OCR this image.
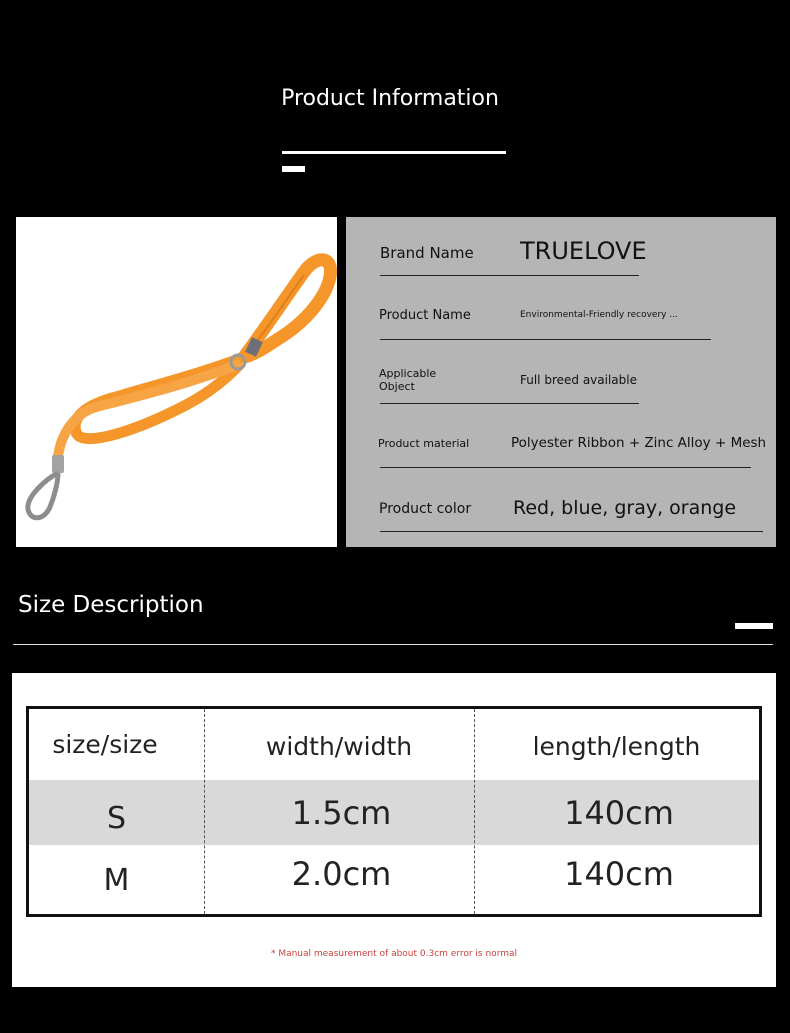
Product Information
Brand Name TRUELOVE
Product Name	Environmental-Friendly recovery ...
Applicable
Object	Full breed available
Product material	Polyester Ribbon + Zinc Alloy + Mesh
Product color Red, blue, gray, orange
Size Description
size/size	width/width	length/length
S	1.5cm	140cm
M	2.0cm	140cm
* Manual measurement of about 0.3cm error is normal
